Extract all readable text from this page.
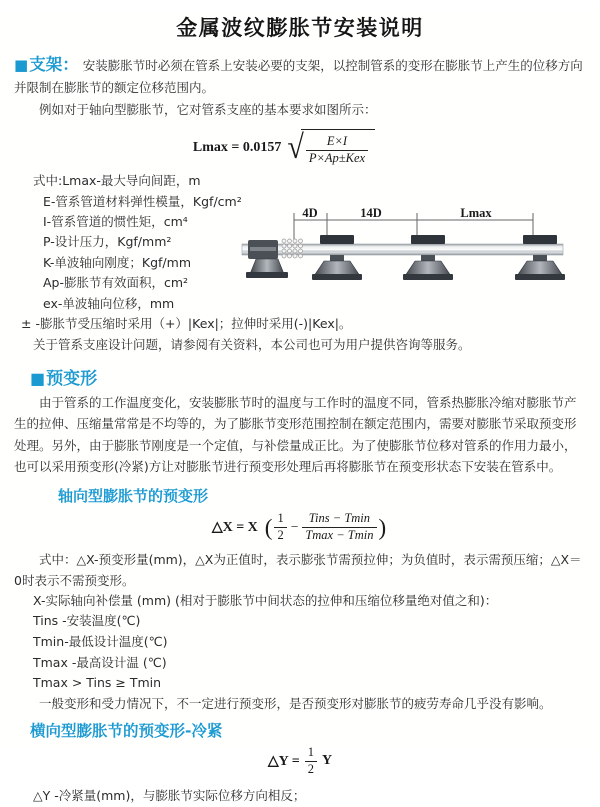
金属波纹膨胀节安装说明

■支架： 安装膨胀节时必须在管系上安装必要的支架，以控制管系的变形在膨胀节上产生的位移方向并限制在膨胀节的额定位移范围内。

例如对于轴向型膨胀节，它对管系支座的基本要求如图所示：

Lmax = 0.0157 √ $\frac{E\times I}{\text{P×Ap±Kex}}$
式中:Lmax-最大导向间距，m
E-管系管道材料弹性模量，Kgf/cm²
I-管系管道的惯性矩，cm⁴
P-设计压力，Kgf/mm²
K-单波轴向刚度；Kgf/mm
Ap-膨胀节有效面积，cm²
ex-单波轴向位移，mm
4D	14D	Lmax

± -膨胀节受压缩时采用（+）|Kex|；拉伸时采用(-)|Kex|。

关于管系支座设计问题，请参阅有关资料，本公司也可为用户提供咨询等服务。

■预变形

由于管系的工作温度变化，安装膨胀节时的温度与工作时的温度不同，管系热膨胀冷缩对膨胀节产生的拉伸、压缩量常常是不均等的，为了膨胀节变形范围控制在额定范围内，需要对膨胀节采取预变形处理。另外，由于膨胀节刚度是一个定值，与补偿量成正比。为了使膨胀节位移对管系的作用力最小，也可以采用预变形(冷紧)方让对膨胀节进行预变形处理后再将膨胀节在预变形状态下安装在管系中。

轴向型膨胀节的预变形
△X = X ( $\frac{1}{2} - \frac{\text{Tins − Tmin}}{Tmax - Tmin}$ )

式中：△X-预变形量(mm)，△X为正值时，表示膨张节需预拉伸；为负值时，表示需预压缩；△X＝0时表示不需预变形。

X-实际轴向补偿量 (mm) (相对于膨胀节中间状态的拉伸和压缩位移量绝对值之和)：

Tins -安装温度(℃)
Tmin-最低设计温度(℃)
Tmax -最高设计温 (℃)
Tmax > Tins ≥ Tmin

一般变形和受力情况下，不一定进行预变形，是否预变形对膨胀节的疲劳寿命几乎没有影响。

横向型膨胀节的预变形-冷紧
△Y = $\frac{1}{2}$ Y

△Y -冷紧量(mm)，与膨胀节实际位移方向相反；
